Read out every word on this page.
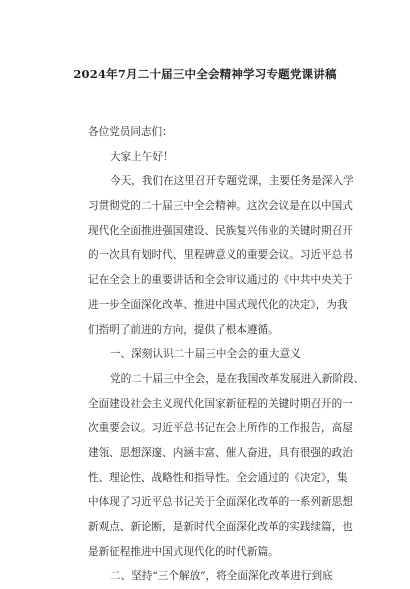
2024年7月二十届三中全会精神学习专题党课讲稿
各位党员同志们：
大家上午好！
今天，我们在这里召开专题党课，主要任务是深入学
习贯彻党的二十届三中全会精神。这次会议是在以中国式
现代化全面推进强国建设、民族复兴伟业的关键时期召开
的一次具有划时代、里程碑意义的重要会议。习近平总书
记在全会上的重要讲话和全会审议通过的《中共中央关于
进一步全面深化改革、推进中国式现代化的决定》，为我
们指明了前进的方向，提供了根本遵循。
一、深刻认识二十届三中全会的重大意义
党的二十届三中全会，是在我国改革发展进入新阶段、
全面建设社会主义现代化国家新征程的关键时期召开的一
次重要会议。习近平总书记在会上所作的工作报告，高屋
建瓴、思想深邃、内涵丰富、催人奋进，具有很强的政治
性、理论性、战略性和指导性。全会通过的《决定》，集
中体现了习近平总书记关于全面深化改革的一系列新思想
新观点、新论断，是新时代全面深化改革的实践续篇，也
是新征程推进中国式现代化的时代新篇。
二、坚持“三个解放”，将全面深化改革进行到底
